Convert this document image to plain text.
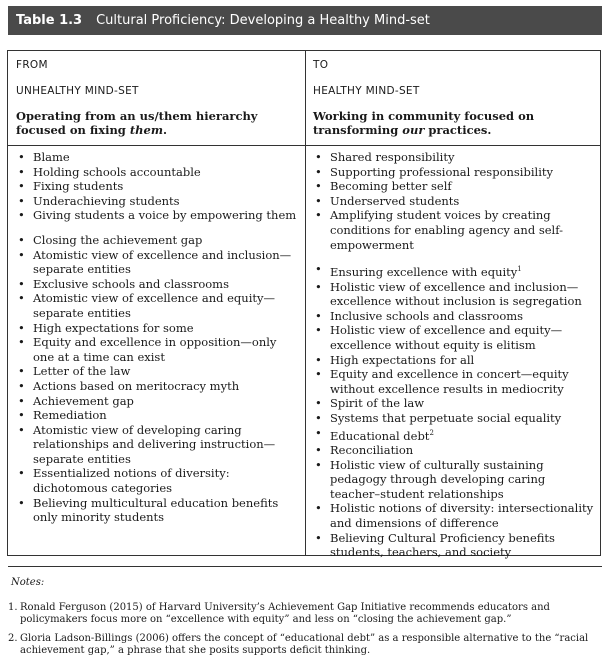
Table 1.3 Cultural Proficiency: Developing a Healthy Mind-set
FROM
UNHEALTHY MIND-SET
Operating from an us/them hierarchy focused on fixing them.
• Blame
• Holding schools accountable
• Fixing students
• Underachieving students
• Giving students a voice by empowering them
• Closing the achievement gap
• Atomistic view of excellence and inclusion—separate entities
• Exclusive schools and classrooms
• Atomistic view of excellence and equity—separate entities
• High expectations for some
• Equity and excellence in opposition—only one at a time can exist
• Letter of the law
• Actions based on meritocracy myth
• Achievement gap
• Remediation
• Atomistic view of developing caring relationships and delivering instruction—separate entities
• Essentialized notions of diversity: dichotomous categories
• Believing multicultural education benefits only minority students
TO
HEALTHY MIND-SET
Working in community focused on transforming our practices.
• Shared responsibility
• Supporting professional responsibility
• Becoming better self
• Underserved students
• Amplifying student voices by creating conditions for enabling agency and self-empowerment
• Ensuring excellence with equity$^1$
• Holistic view of excellence and inclusion—excellence without inclusion is segregation
• Inclusive schools and classrooms
• Holistic view of excellence and equity—excellence without equity is elitism
• High expectations for all
• Equity and excellence in concert—equity without excellence results in mediocrity
• Spirit of the law
• Systems that perpetuate social equality
• Educational debt$^2$
• Reconciliation
• Holistic view of culturally sustaining pedagogy through developing caring teacher–student relationships
• Holistic notions of diversity: intersectionality and dimensions of difference
• Believing Cultural Proficiency benefits students, teachers, and society
Notes:
1. Ronald Ferguson (2015) of Harvard University’s Achievement Gap Initiative recommends educators and policymakers focus more on “excellence with equity” and less on “closing the achievement gap.”
2. Gloria Ladson-Billings (2006) offers the concept of “educational debt” as a responsible alternative to the “racial achievement gap,” a phrase that she posits supports deficit thinking.
